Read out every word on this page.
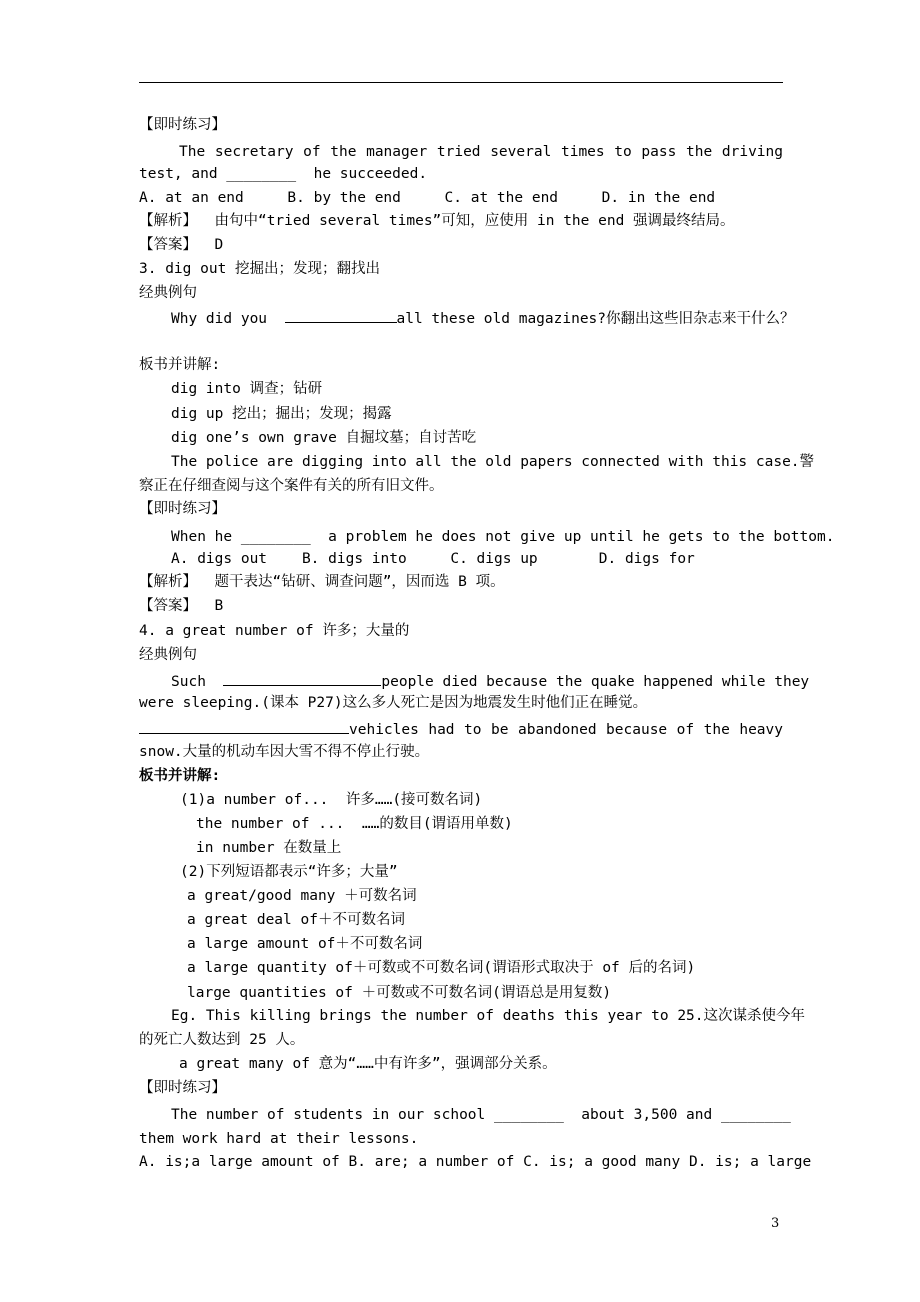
【即时练习】
The secretary of the manager tried several times to pass the driving
test, and ________  he succeeded.
A. at an end     B. by the end     C. at the end     D. in the end
【解析】  由句中“tried several times”可知，应使用 in the end 强调最终结局。
【答案】  D
3. dig out 挖掘出；发现；翻找出
经典例句
Why did you	all these old magazines?你翻出这些旧杂志来干什么？
板书并讲解:
dig into 调查；钻研
dig up 挖出；掘出；发现；揭露
dig one’s own grave 自掘坟墓；自讨苦吃
The police are digging into all the old papers connected with this case.警
察正在仔细查阅与这个案件有关的所有旧文件。
【即时练习】
When he ________  a problem he does not give up until he gets to the bottom.
A. digs out    B. digs into     C. digs up       D. digs for
【解析】  题干表达“钻研、调查问题”，因而选 B 项。
【答案】  B
4. a great number of 许多；大量的
经典例句
Such	people died because the quake happened while they
were sleeping.(课本 P27)这么多人死亡是因为地震发生时他们正在睡觉。
vehicles had to be abandoned because of the heavy
snow.大量的机动车因大雪不得不停止行驶。
板书并讲解:
(1)a number of...  许多……(接可数名词)
the number of ...  ……的数目(谓语用单数)
in number 在数量上
(2)下列短语都表示“许多；大量”
a great/good many ＋可数名词
a great deal of＋不可数名词
a large amount of＋不可数名词
a large quantity of＋可数或不可数名词(谓语形式取决于 of 后的名词)
large quantities of ＋可数或不可数名词(谓语总是用复数)
Eg. This killing brings the number of deaths this year to 25.这次谋杀使今年
的死亡人数达到 25 人。
a great many of 意为“……中有许多”，强调部分关系。
【即时练习】
The number of students in our school ________  about 3,500 and ________
them work hard at their lessons.
A. is;a large amount of B. are; a number of C. is; a good many D. is; a large
3
